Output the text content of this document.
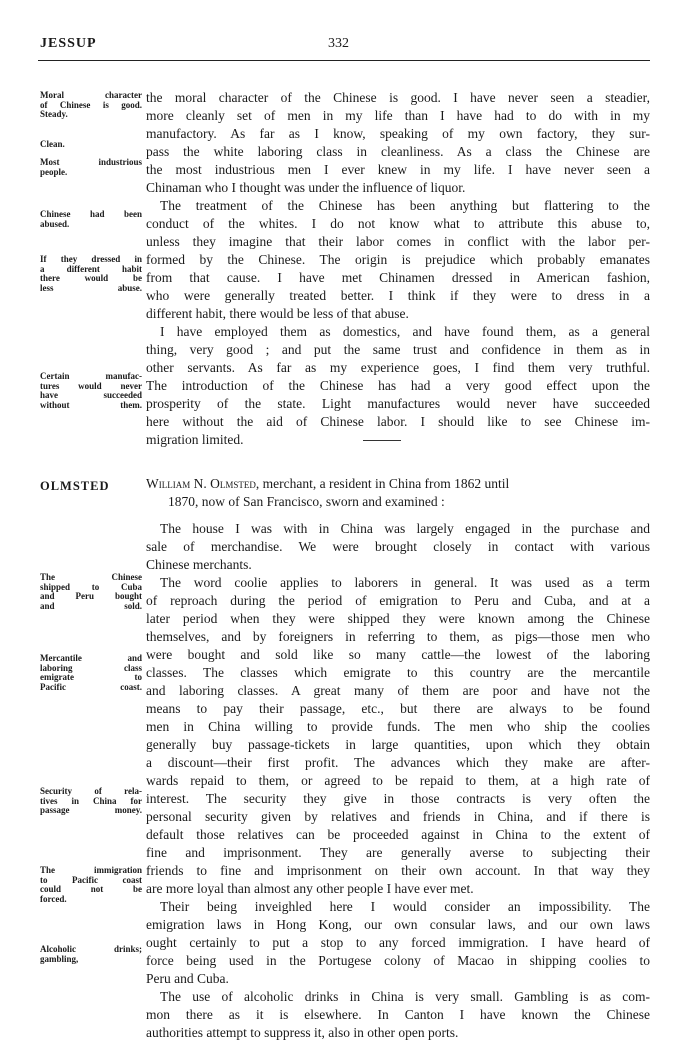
JESSUP	332
Moral character
of Chinese is good.
Steady.
Clean.
Most industrious
people.
Chinese had been
abused.
If they dressed in
a different habit
there would be
less abuse.
Certain manufac-
tures would never
have succeeded
without them.
The Chinese
shipped to Cuba
and Peru bought
and sold.
Mercantile and
laboring class
emigrate to
Pacific coast.
Security of rela-
tives in China for
passage money.
The immigration
to Pacific coast
could not be
forced.
Alcoholic drinks;
gambling,
the moral character of the Chinese is good. I have never seen a steadier,
more cleanly set of men in my life than I have had to do with in my
manufactory. As far as I know, speaking of my own factory, they sur-
pass the white laboring class in cleanliness. As a class the Chinese are
the most industrious men I ever knew in my life. I have never seen a
Chinaman who I thought was under the influence of liquor.
The treatment of the Chinese has been anything but flattering to the
conduct of the whites. I do not know what to attribute this abuse to,
unless they imagine that their labor comes in conflict with the labor per-
formed by the Chinese. The origin is prejudice which probably emanates
from that cause. I have met Chinamen dressed in American fashion,
who were generally treated better. I think if they were to dress in a
different habit, there would be less of that abuse.
I have employed them as domestics, and have found them, as a general
thing, very good ; and put the same trust and confidence in them as in
other servants. As far as my experience goes, I find them very truthful.
The introduction of the Chinese has had a very good effect upon the
prosperity of the state. Light manufactures would never have succeeded
here without the aid of Chinese labor. I should like to see Chinese im-
migration limited.
OLMSTED	William N. Olmsted, merchant, a resident in China from 1862 until
1870, now of San Francisco, sworn and examined :
The house I was with in China was largely engaged in the purchase and
sale of merchandise. We were brought closely in contact with various
Chinese merchants.
The word coolie applies to laborers in general. It was used as a term
of reproach during the period of emigration to Peru and Cuba, and at a
later period when they were shipped they were known among the Chinese
themselves, and by foreigners in referring to them, as pigs—those men who
were bought and sold like so many cattle—the lowest of the laboring
classes. The classes which emigrate to this country are the mercantile
and laboring classes. A great many of them are poor and have not the
means to pay their passage, etc., but there are always to be found
men in China willing to provide funds. The men who ship the coolies
generally buy passage-tickets in large quantities, upon which they obtain
a discount—their first profit. The advances which they make are after-
wards repaid to them, or agreed to be repaid to them, at a high rate of
interest. The security they give in those contracts is very often the
personal security given by relatives and friends in China, and if there is
default those relatives can be proceeded against in China to the extent of
fine and imprisonment. They are generally averse to subjecting their
friends to fine and imprisonment on their own account. In that way they
are more loyal than almost any other people I have ever met.
Their being inveighled here I would consider an impossibility. The
emigration laws in Hong Kong, our own consular laws, and our own laws
ought certainly to put a stop to any forced immigration. I have heard of
force being used in the Portugese colony of Macao in shipping coolies to
Peru and Cuba.
The use of alcoholic drinks in China is very small. Gambling is as com-
mon there as it is elsewhere. In Canton I have known the Chinese
authorities attempt to suppress it, also in other open ports.
